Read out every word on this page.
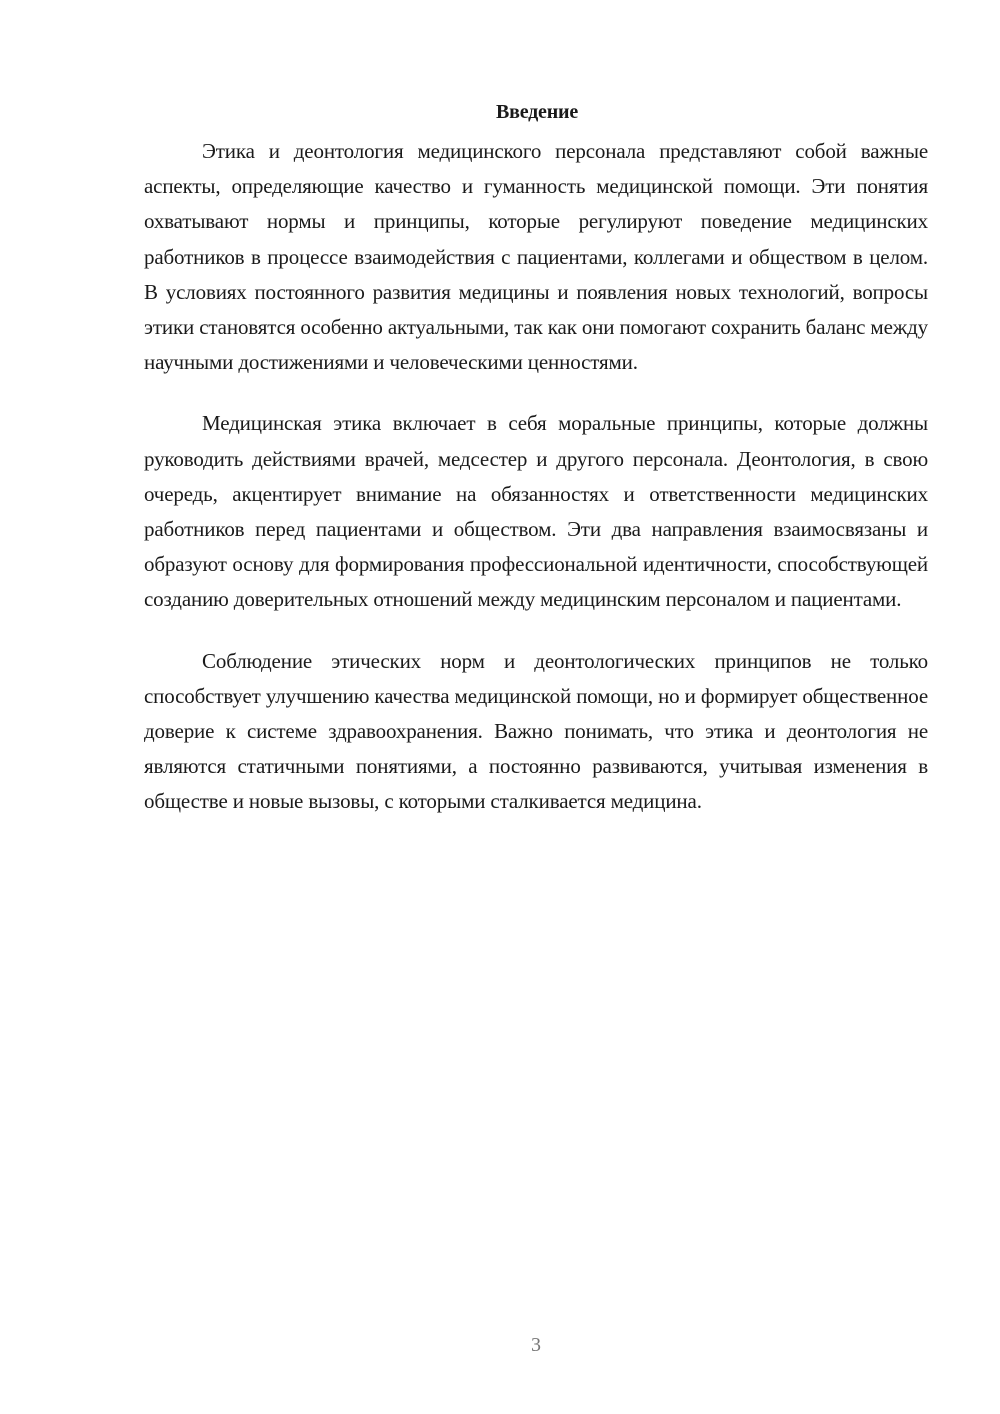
Введение

Этика и деонтология медицинского персонала представляют собой важные аспекты, определяющие качество и гуманность медицинской помощи. Эти понятия охватывают нормы и принципы, которые регулируют поведение медицинских работников в процессе взаимодействия с пациентами, коллегами и обществом в целом. В условиях постоянного развития медицины и появления новых технологий, вопросы этики становятся особенно актуальными, так как они помогают сохранить баланс между научными достижениями и человеческими ценностями.

Медицинская этика включает в себя моральные принципы, которые должны руководить действиями врачей, медсестер и другого персонала. Деонтология, в свою очередь, акцентирует внимание на обязанностях и ответственности медицинских работников перед пациентами и обществом. Эти два направления взаимосвязаны и образуют основу для формирования профессиональной идентичности, способствующей созданию доверительных отношений между медицинским персоналом и пациентами.

Соблюдение этических норм и деонтологических принципов не только способствует улучшению качества медицинской помощи, но и формирует общественное доверие к системе здравоохранения. Важно понимать, что этика и деонтология не являются статичными понятиями, а постоянно развиваются, учитывая изменения в обществе и новые вызовы, с которыми сталкивается медицина.

3
